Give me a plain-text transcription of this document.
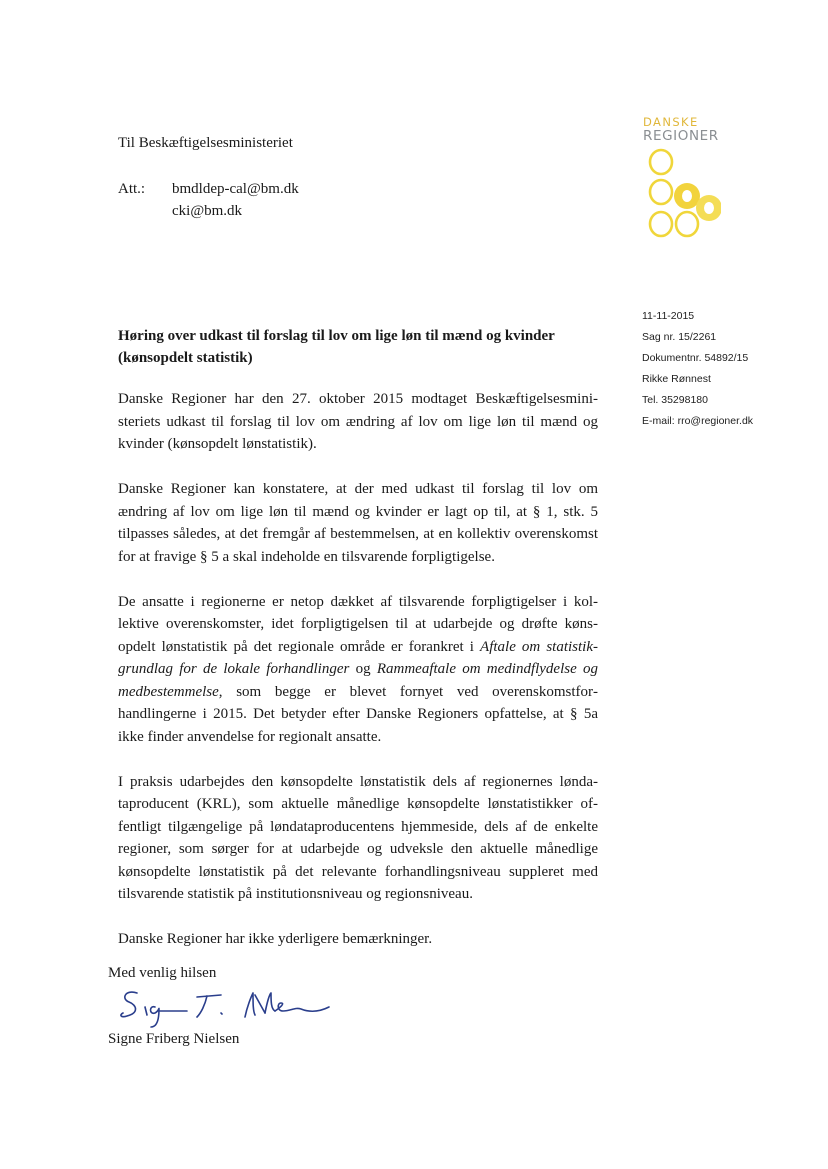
Til Beskæftigelsesministeriet
Att.:	bmdldep-cal@bm.dk
cki@bm.dk
DANSKE
REGIONER
11-11-2015
Sag nr. 15/2261
Dokumentnr. 54892/15
Rikke Rønnest
Tel. 35298180
E-mail: rro@regioner.dk
Høring over udkast til forslag til lov om lige løn til mænd og kvinder
(kønsopdelt statistik)

Danske Regioner har den 27. oktober 2015 modtaget Beskæftigelsesministeriets udkast til forslag til lov om ændring af lov om lige løn til mænd og kvinder (kønsopdelt lønstatistik).

Danske Regioner kan konstatere, at der med udkast til forslag til lov om ændring af lov om lige løn til mænd og kvinder er lagt op til, at § 1, stk. 5 tilpasses således, at det fremgår af bestemmelsen, at en kollektiv overenskomst for at fravige § 5 a skal indeholde en tilsvarende forpligtigelse.

De ansatte i regionerne er netop dækket af tilsvarende forpligtigelser i kollektive overenskomster, idet forpligtigelsen til at udarbejde og drøfte kønsopdelt lønstatistik på det regionale område er forankret i Aftale om statistikgrundlag for de lokale forhandlinger og Rammeaftale om medindflydelse og medbestemmelse, som begge er blevet fornyet ved overenskomstforhandlingerne i 2015. Det betyder efter Danske Regioners opfattelse, at § 5a ikke finder anvendelse for regionalt ansatte.

I praksis udarbejdes den kønsopdelte lønstatistik dels af regionernes løndataproducent (KRL), som aktuelle månedlige kønsopdelte lønstatistikker offentligt tilgængelige på løndataproducentens hjemmeside, dels af de enkelte regioner, som sørger for at udarbejde og udveksle den aktuelle månedlige kønsopdelte lønstatistik på det relevante forhandlingsniveau suppleret med tilsvarende statistik på institutionsniveau og regionsniveau.

Danske Regioner har ikke yderligere bemærkninger.

Med venlig hilsen
Signe Friberg Nielsen
